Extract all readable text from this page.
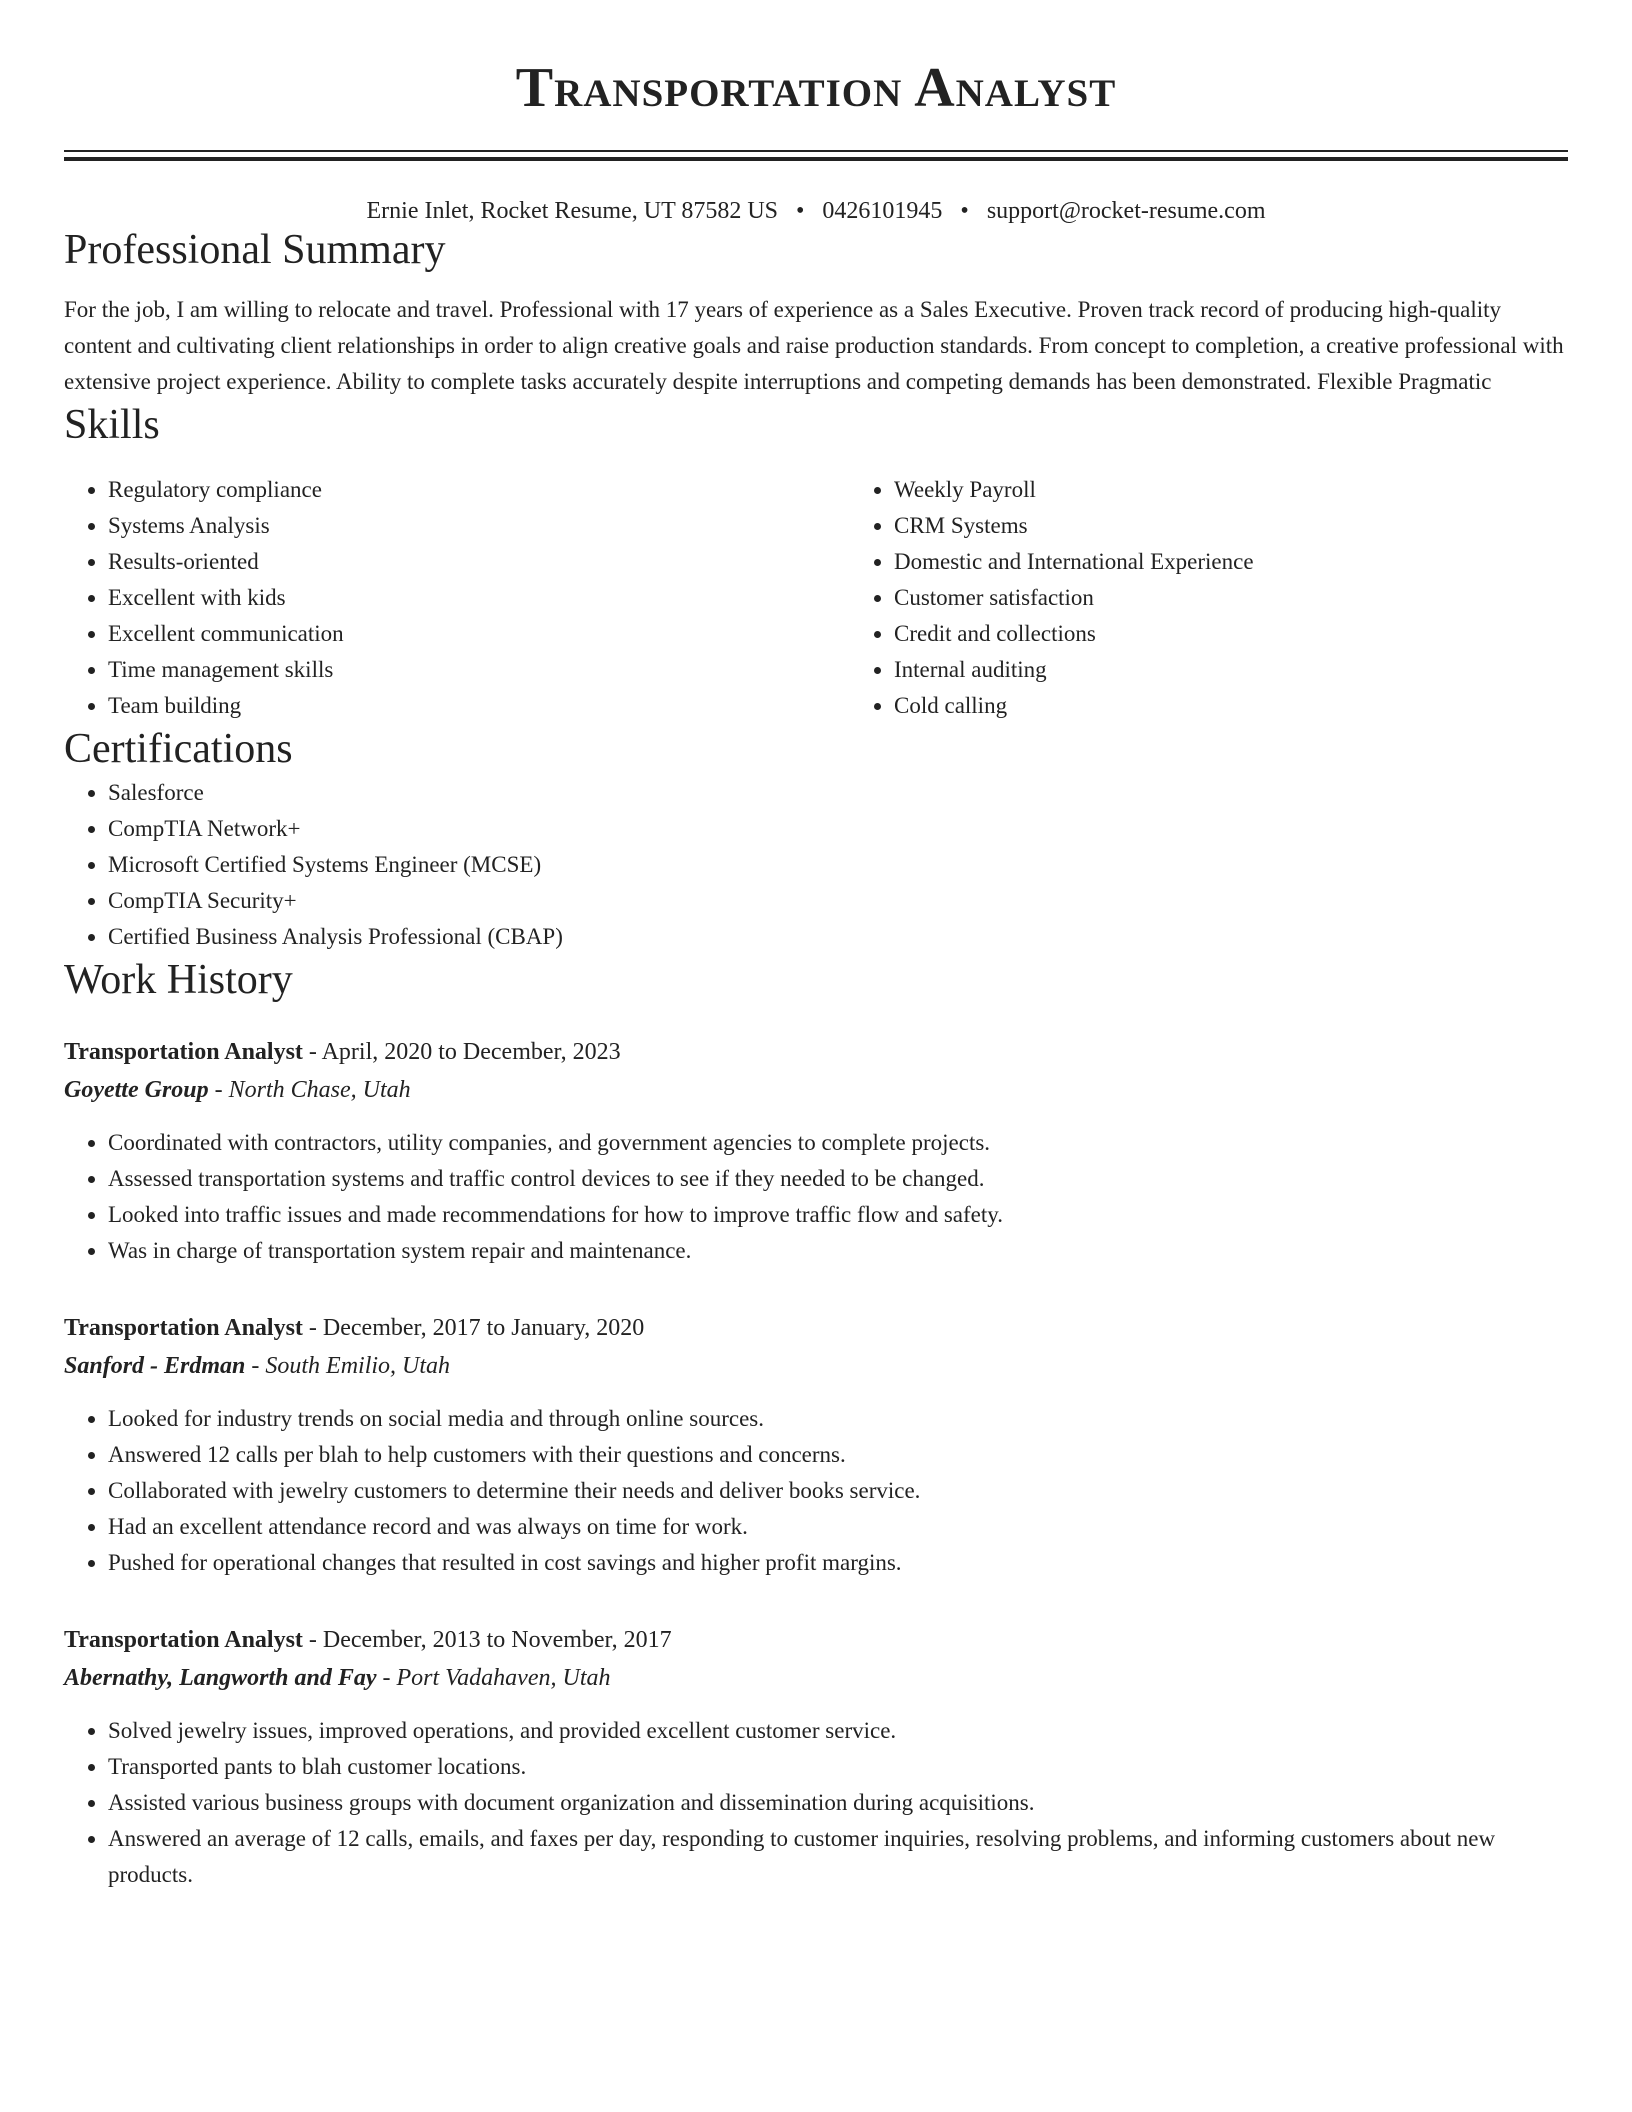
Transportation Analyst
Ernie Inlet, Rocket Resume, UT 87582 US • 0426101945 • support@rocket-resume.com
Professional Summary
For the job, I am willing to relocate and travel. Professional with 17 years of experience as a Sales Executive. Proven track record of producing high-quality content and cultivating client relationships in order to align creative goals and raise production standards. From concept to completion, a creative professional with extensive project experience. Ability to complete tasks accurately despite interruptions and competing demands has been demonstrated. Flexible Pragmatic
Skills
• Regulatory compliance
• Systems Analysis
• Results-oriented
• Excellent with kids
• Excellent communication
• Time management skills
• Team building
• Weekly Payroll
• CRM Systems
• Domestic and International Experience
• Customer satisfaction
• Credit and collections
• Internal auditing
• Cold calling
Certifications
• Salesforce
• CompTIA Network+
• Microsoft Certified Systems Engineer (MCSE)
• CompTIA Security+
• Certified Business Analysis Professional (CBAP)
Work History
Transportation Analyst - April, 2020 to December, 2023
Goyette Group - North Chase, Utah
• Coordinated with contractors, utility companies, and government agencies to complete projects.
• Assessed transportation systems and traffic control devices to see if they needed to be changed.
• Looked into traffic issues and made recommendations for how to improve traffic flow and safety.
• Was in charge of transportation system repair and maintenance.
Transportation Analyst - December, 2017 to January, 2020
Sanford - Erdman - South Emilio, Utah
• Looked for industry trends on social media and through online sources.
• Answered 12 calls per blah to help customers with their questions and concerns.
• Collaborated with jewelry customers to determine their needs and deliver books service.
• Had an excellent attendance record and was always on time for work.
• Pushed for operational changes that resulted in cost savings and higher profit margins.
Transportation Analyst - December, 2013 to November, 2017
Abernathy, Langworth and Fay - Port Vadahaven, Utah
• Solved jewelry issues, improved operations, and provided excellent customer service.
• Transported pants to blah customer locations.
• Assisted various business groups with document organization and dissemination during acquisitions.
• Answered an average of 12 calls, emails, and faxes per day, responding to customer inquiries, resolving problems, and informing customers about new products.
